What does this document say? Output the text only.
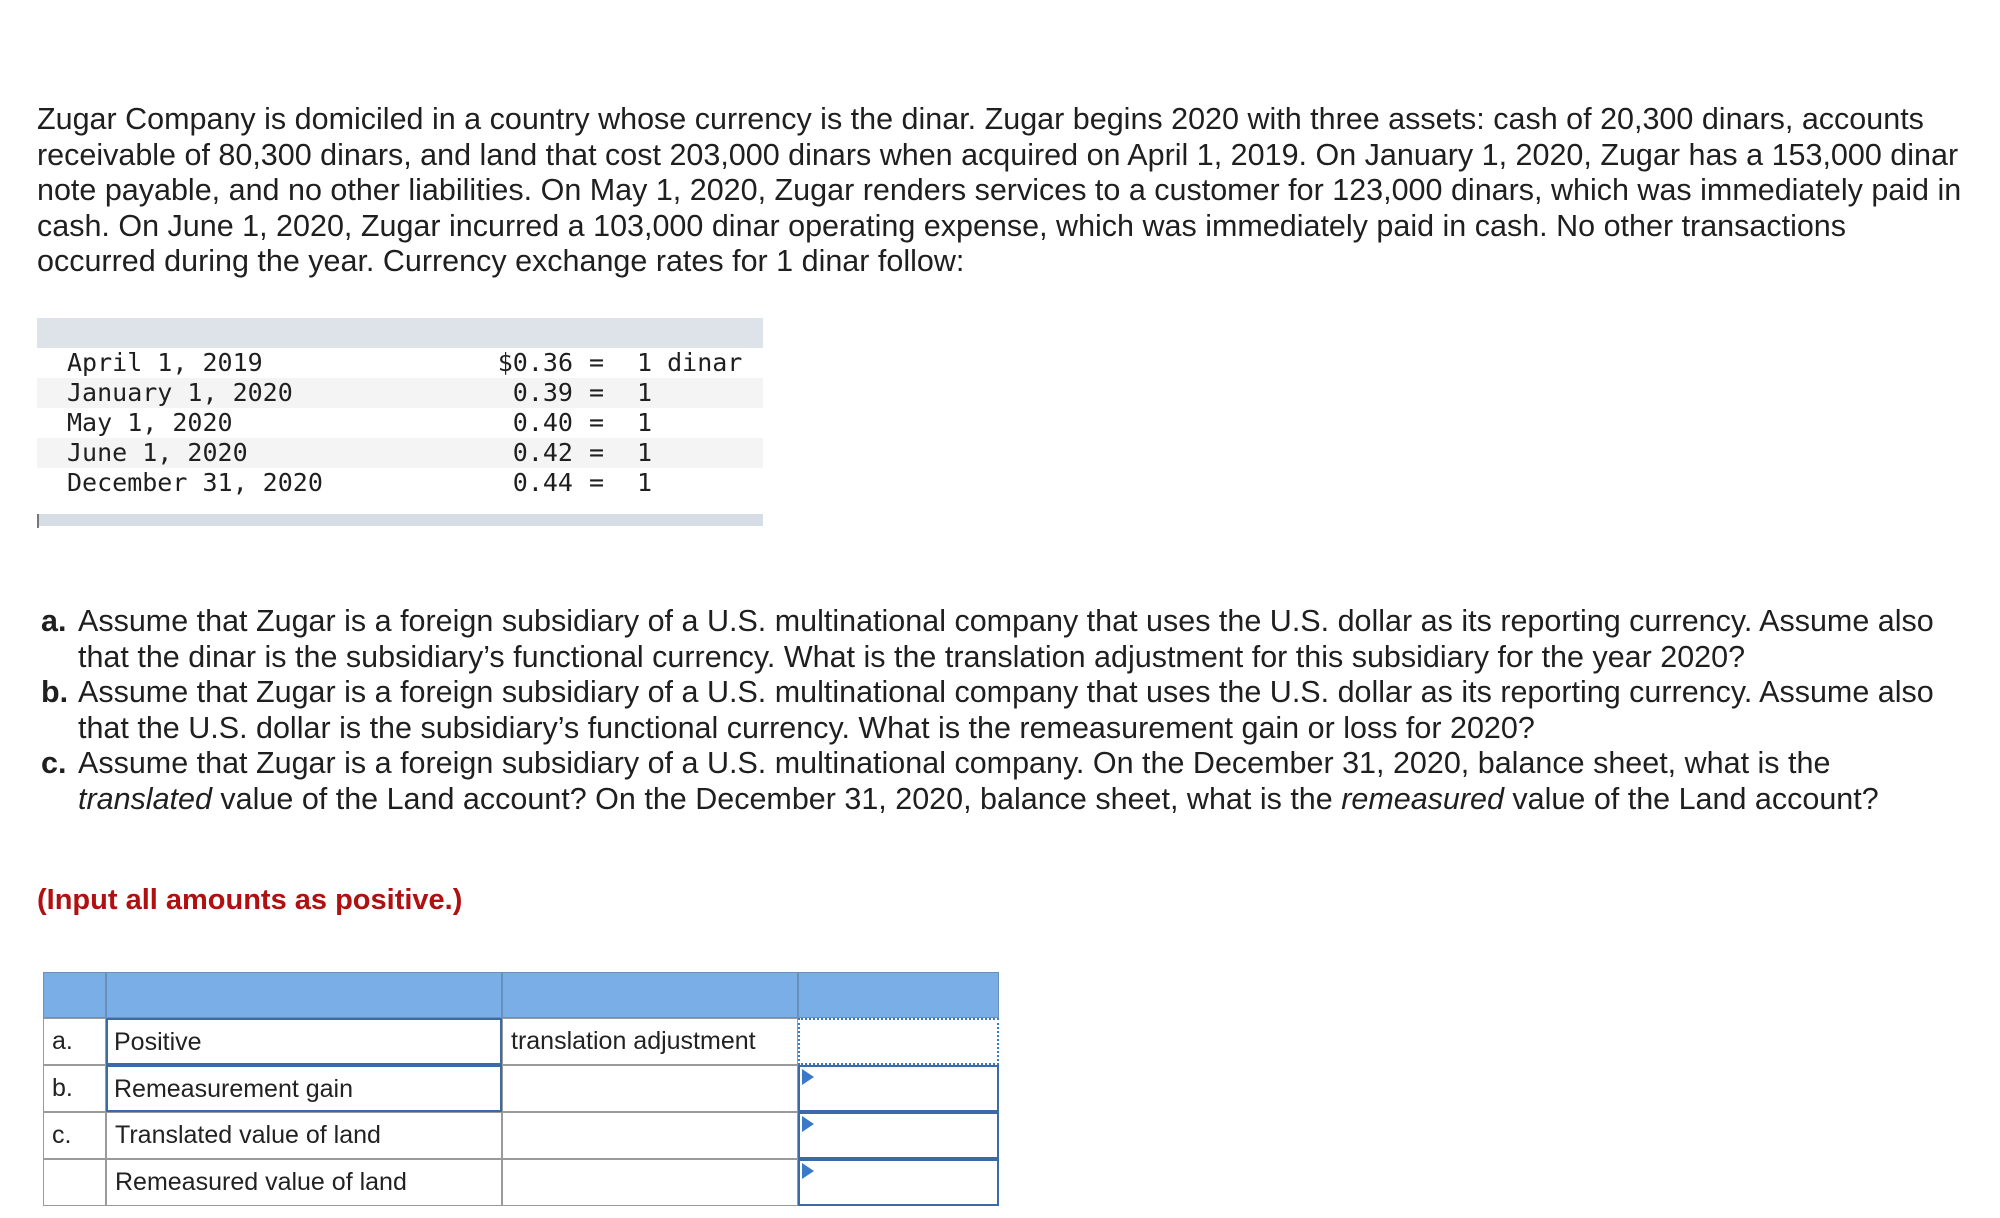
Zugar Company is domiciled in a country whose currency is the dinar. Zugar begins 2020 with three assets: cash of 20,300 dinars, accounts receivable of 80,300 dinars, and land that cost 203,000 dinars when acquired on April 1, 2019. On January 1, 2020, Zugar has a 153,000 dinar note payable, and no other liabilities. On May 1, 2020, Zugar renders services to a customer for 123,000 dinars, which was immediately paid in cash. On June 1, 2020, Zugar incurred a 103,000 dinar operating expense, which was immediately paid in cash. No other transactions occurred during the year. Currency exchange rates for 1 dinar follow:

April 1, 2019	$0.36 = 1 dinar
January 1, 2020	0.39 = 1
May 1, 2020	0.40 = 1
June 1, 2020	0.42 = 1
December 31, 2020	0.44 = 1
a. Assume that Zugar is a foreign subsidiary of a U.S. multinational company that uses the U.S. dollar as its reporting currency. Assume also that the dinar is the subsidiary’s functional currency. What is the translation adjustment for this subsidiary for the year 2020?
b. Assume that Zugar is a foreign subsidiary of a U.S. multinational company that uses the U.S. dollar as its reporting currency. Assume also that the U.S. dollar is the subsidiary’s functional currency. What is the remeasurement gain or loss for 2020?
c. Assume that Zugar is a foreign subsidiary of a U.S. multinational company. On the December 31, 2020, balance sheet, what is the translated value of the Land account? On the December 31, 2020, balance sheet, what is the remeasured value of the Land account?
(Input all amounts as positive.)
a.	Positive	translation adjustment
b.	Remeasurement gain
c.	Translated value of land
Remeasured value of land
